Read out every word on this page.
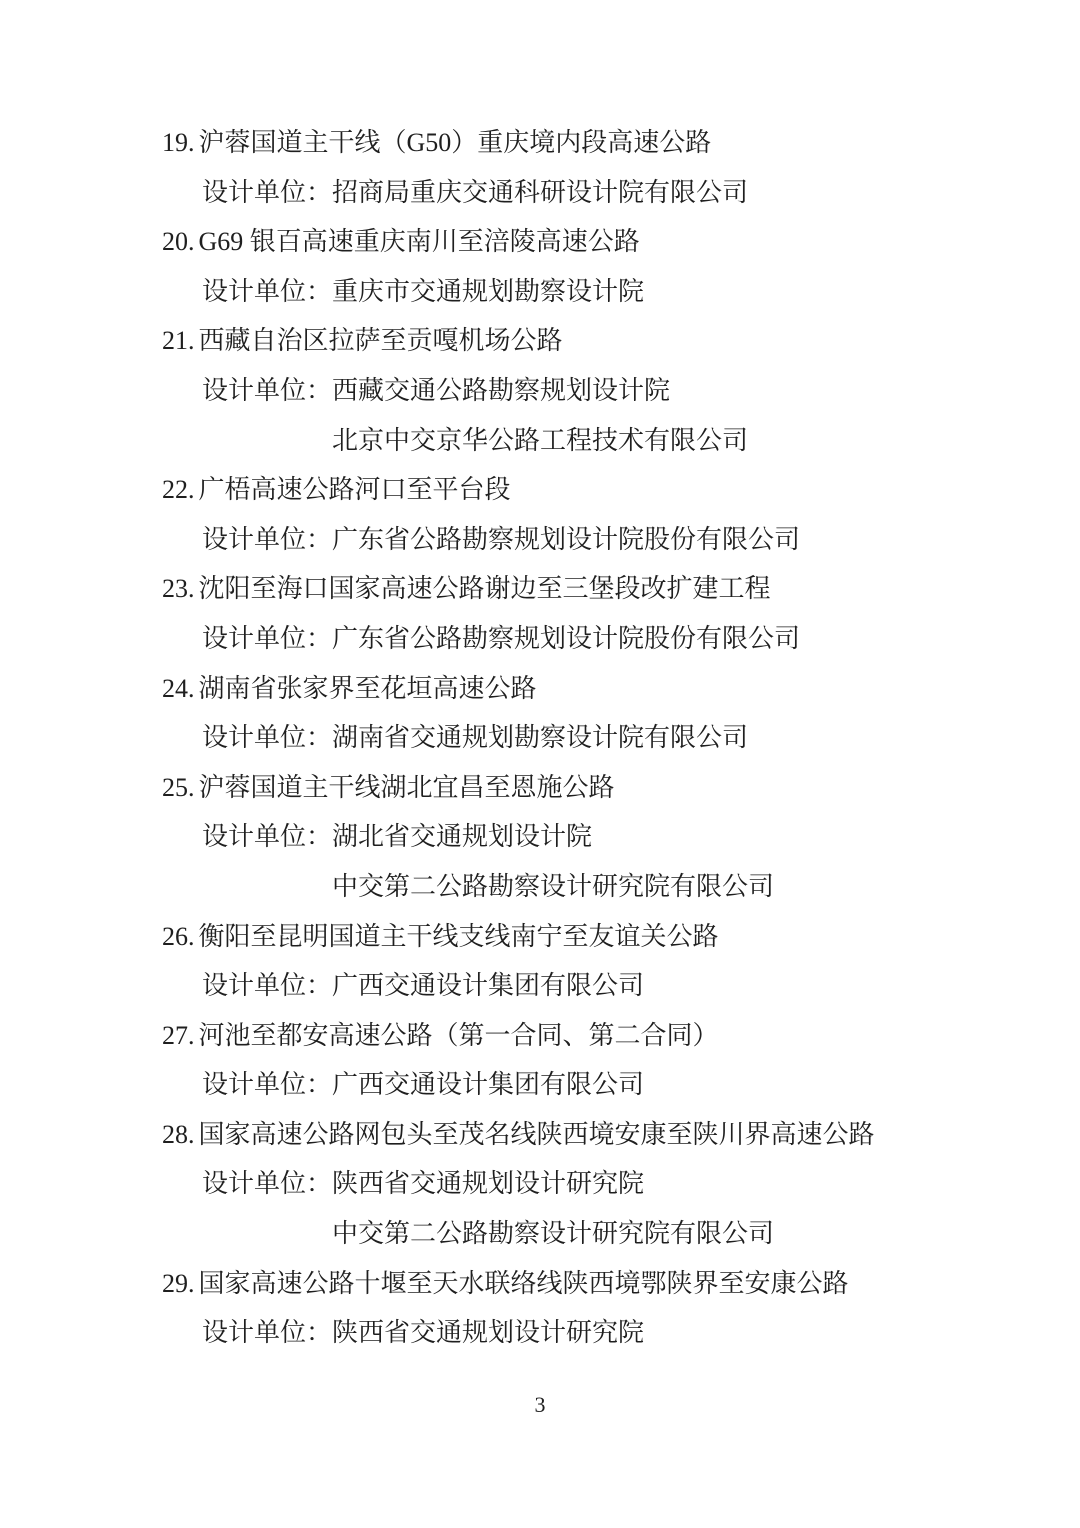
19. 沪蓉国道主干线（G50）重庆境内段高速公路
设计单位：招商局重庆交通科研设计院有限公司
20. G69 银百高速重庆南川至涪陵高速公路
设计单位：重庆市交通规划勘察设计院
21. 西藏自治区拉萨至贡嘎机场公路
设计单位：西藏交通公路勘察规划设计院
北京中交京华公路工程技术有限公司
22. 广梧高速公路河口至平台段
设计单位：广东省公路勘察规划设计院股份有限公司
23. 沈阳至海口国家高速公路谢边至三堡段改扩建工程
设计单位：广东省公路勘察规划设计院股份有限公司
24. 湖南省张家界至花垣高速公路
设计单位：湖南省交通规划勘察设计院有限公司
25. 沪蓉国道主干线湖北宜昌至恩施公路
设计单位：湖北省交通规划设计院
中交第二公路勘察设计研究院有限公司
26. 衡阳至昆明国道主干线支线南宁至友谊关公路
设计单位：广西交通设计集团有限公司
27. 河池至都安高速公路（第一合同、第二合同）
设计单位：广西交通设计集团有限公司
28. 国家高速公路网包头至茂名线陕西境安康至陕川界高速公路
设计单位：陕西省交通规划设计研究院
中交第二公路勘察设计研究院有限公司
29. 国家高速公路十堰至天水联络线陕西境鄂陕界至安康公路
设计单位：陕西省交通规划设计研究院
3
